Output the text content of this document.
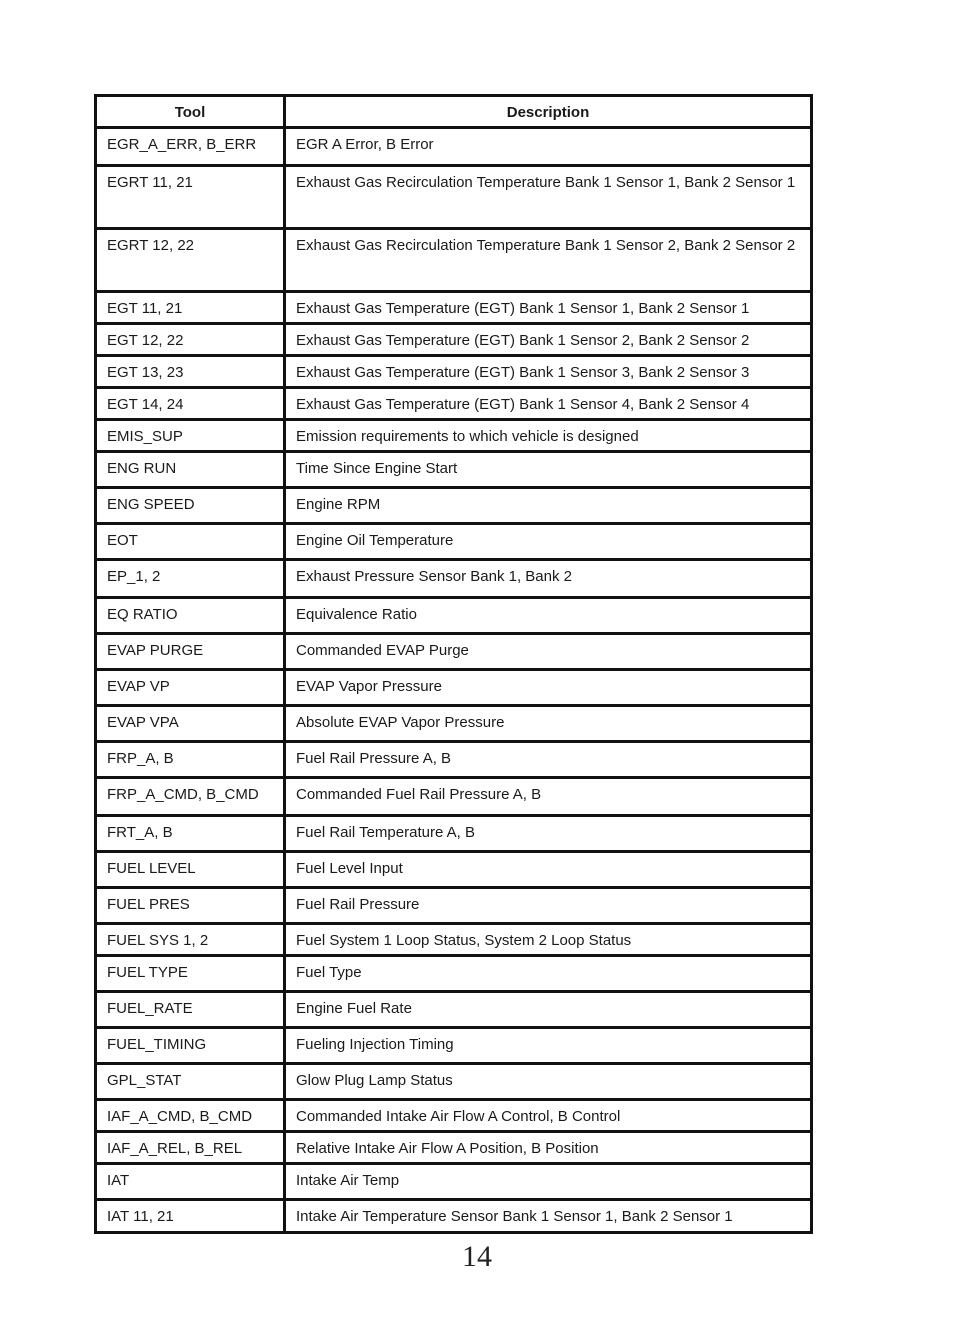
Tool	Description
EGR_A_ERR, B_ERR	EGR A Error, B Error
EGRT 11, 21	Exhaust Gas Recirculation Temperature Bank 1 Sensor 1, Bank 2 Sensor 1
EGRT 12, 22	Exhaust Gas Recirculation Temperature Bank 1 Sensor 2, Bank 2 Sensor 2
EGT 11, 21	Exhaust Gas Temperature (EGT) Bank 1 Sensor 1, Bank 2 Sensor 1
EGT 12, 22	Exhaust Gas Temperature (EGT) Bank 1 Sensor 2, Bank 2 Sensor 2
EGT 13, 23	Exhaust Gas Temperature (EGT) Bank 1 Sensor 3, Bank 2 Sensor 3
EGT 14, 24	Exhaust Gas Temperature (EGT) Bank 1 Sensor 4, Bank 2 Sensor 4
EMIS_SUP	Emission requirements to which vehicle is designed
ENG RUN	Time Since Engine Start
ENG SPEED	Engine RPM
EOT	Engine Oil Temperature
EP_1, 2	Exhaust Pressure Sensor Bank 1, Bank 2
EQ RATIO	Equivalence Ratio
EVAP PURGE	Commanded EVAP Purge
EVAP VP	EVAP Vapor Pressure
EVAP VPA	Absolute EVAP Vapor Pressure
FRP_A, B	Fuel Rail Pressure A, B
FRP_A_CMD, B_CMD	Commanded Fuel Rail Pressure A, B
FRT_A, B	Fuel Rail Temperature A, B
FUEL LEVEL	Fuel Level Input
FUEL PRES	Fuel Rail Pressure
FUEL SYS 1, 2	Fuel System 1 Loop Status, System 2 Loop Status
FUEL TYPE	Fuel Type
FUEL_RATE	Engine Fuel Rate
FUEL_TIMING	Fueling Injection Timing
GPL_STAT	Glow Plug Lamp Status
IAF_A_CMD, B_CMD	Commanded Intake Air Flow A Control, B Control
IAF_A_REL, B_REL	Relative Intake Air Flow A Position, B Position
IAT	Intake Air Temp
IAT 11, 21	Intake Air Temperature Sensor Bank 1 Sensor 1, Bank 2 Sensor 1
14
